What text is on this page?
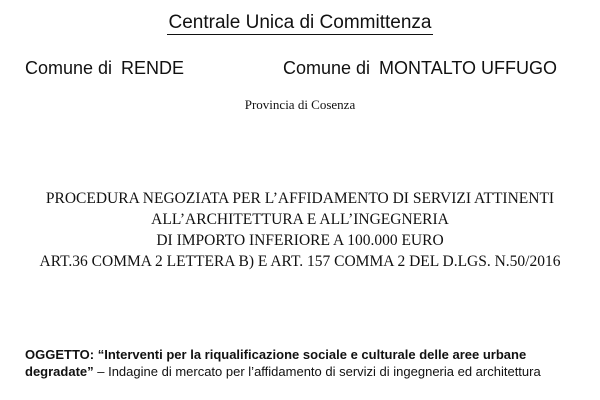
Centrale Unica di Committenza
Comune di RENDE	Comune di MONTALTO UFFUGO
Provincia di Cosenza
PROCEDURA NEGOZIATA PER L’AFFIDAMENTO DI SERVIZI ATTINENTI
ALL’ARCHITETTURA E ALL’INGEGNERIA
DI IMPORTO INFERIORE A 100.000 EURO
ART.36 COMMA 2 LETTERA B) E ART. 157 COMMA 2 DEL D.LGS. N.50/2016
OGGETTO: “Interventi per la riqualificazione sociale e culturale delle aree urbane
degradate” – Indagine di mercato per l’affidamento di servizi di ingegneria ed architettura
